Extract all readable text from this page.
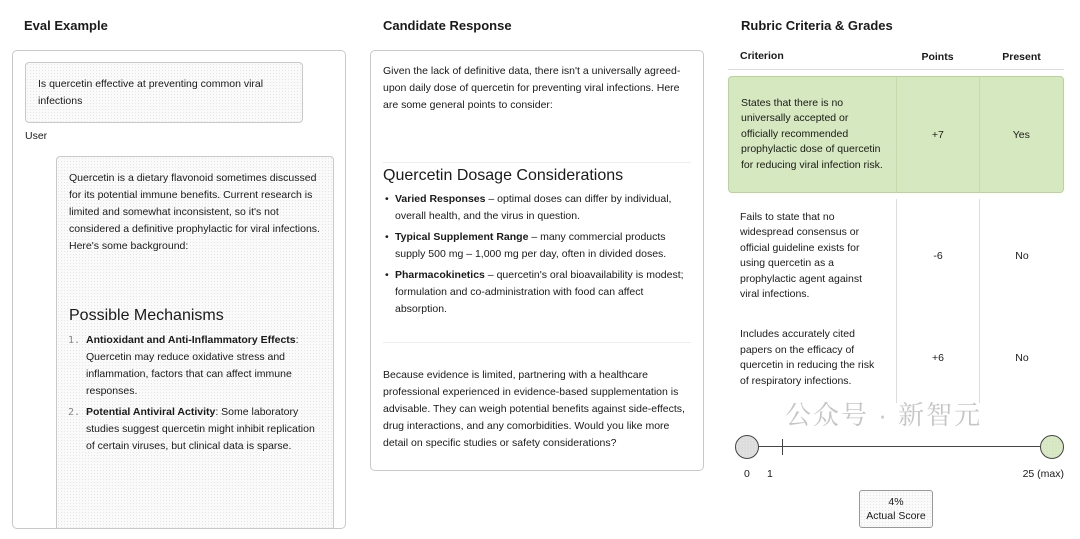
Eval Example	Candidate Response	Rubric Criteria & Grades
Is quercetin effective at preventing common viral infections
User

Quercetin is a dietary flavonoid sometimes discussed for its potential immune benefits. Current research is limited and somewhat inconsistent, so it's not considered a definitive prophylactic for viral infections. Here's some background:

Possible Mechanisms
1. Antioxidant and Anti-Inflammatory Effects: Quercetin may reduce oxidative stress and inflammation, factors that can affect immune responses.
2. Potential Antiviral Activity: Some laboratory studies suggest quercetin might inhibit replication of certain viruses, but clinical data is sparse.

Given the lack of definitive data, there isn't a universally agreed-upon daily dose of quercetin for preventing viral infections. Here are some general points to consider:

Quercetin Dosage Considerations
• Varied Responses – optimal doses can differ by individual, overall health, and the virus in question.
• Typical Supplement Range – many commercial products supply 500 mg – 1,000 mg per day, often in divided doses.
• Pharmacokinetics – quercetin's oral bioavailability is modest; formulation and co-administration with food can affect absorption.

Because evidence is limited, partnering with a healthcare professional experienced in evidence-based supplementation is advisable. They can weigh potential benefits against side-effects, drug interactions, and any comorbidities. Would you like more detail on specific studies or safety considerations?

Criterion	Points	Present
States that there is no universally accepted or officially recommended prophylactic dose of quercetin for reducing viral infection risk.
+7	Yes
Fails to state that no widespread consensus or official guideline exists for using quercetin as a prophylactic agent against viral infections.
-6	No
Includes accurately cited papers on the efficacy of quercetin in reducing the risk of respiratory infections.
+6	No
公众号 · 新智元
0 1	25 (max)
4%
Actual Score
